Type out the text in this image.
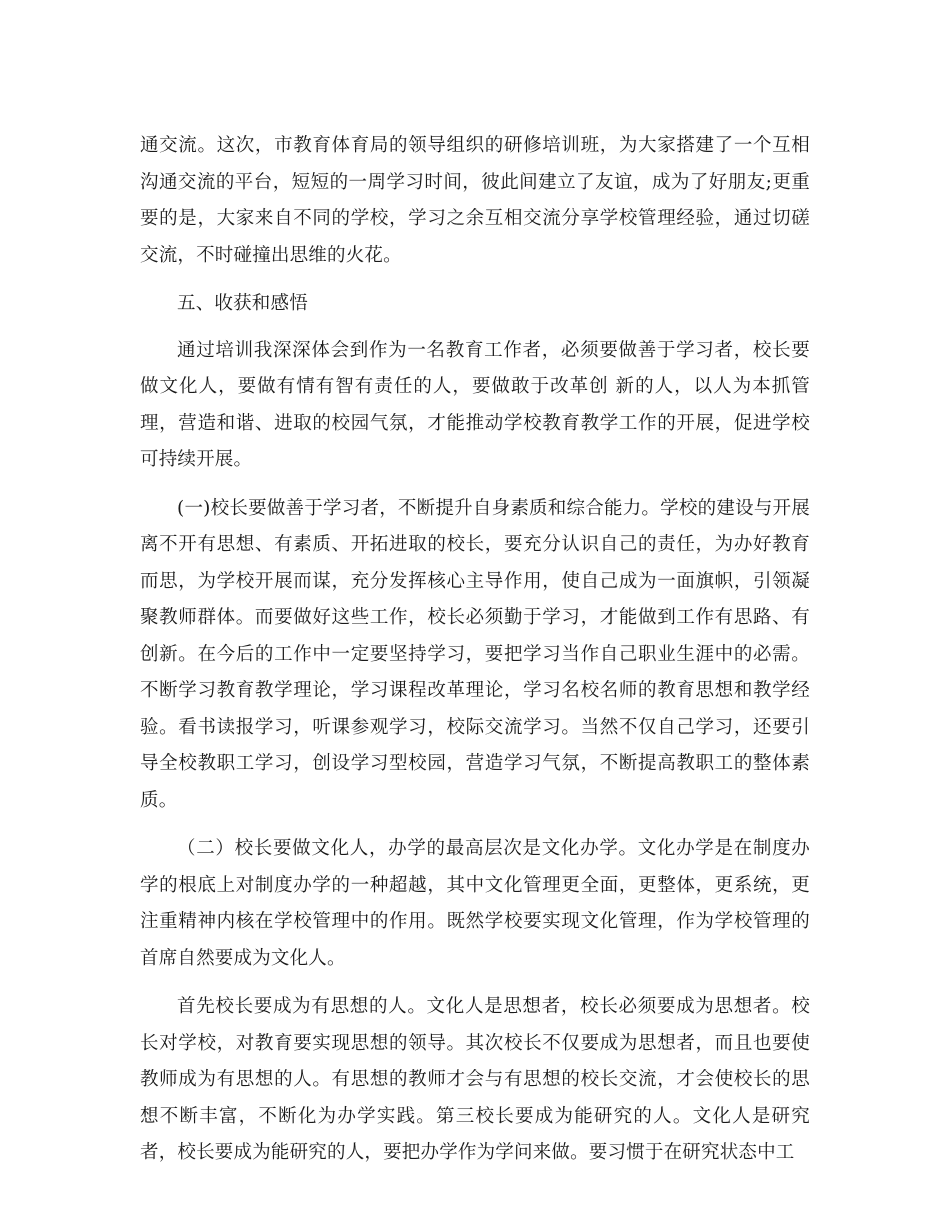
通交流。这次，市教育体育局的领导组织的研修培训班，为大家搭建了一个互相沟通交流的平台，短短的一周学习时间，彼此间建立了友谊，成为了好朋友;更重要的是，大家来自不同的学校，学习之余互相交流分享学校管理经验，通过切磋交流，不时碰撞出思维的火花。

五、收获和感悟

通过培训我深深体会到作为一名教育工作者，必须要做善于学习者，校长要做文化人，要做有情有智有责任的人，要做敢于改革创 新的人，以人为本抓管理，营造和谐、进取的校园气氛，才能推动学校教育教学工作的开展，促进学校可持续开展。

(一)校长要做善于学习者，不断提升自身素质和综合能力。学校的建设与开展离不开有思想、有素质、开拓进取的校长，要充分认识自己的责任，为办好教育而思，为学校开展而谋，充分发挥核心主导作用，使自己成为一面旗帜，引领凝聚教师群体。而要做好这些工作，校长必须勤于学习，才能做到工作有思路、有创新。在今后的工作中一定要坚持学习，要把学习当作自己职业生涯中的必需。不断学习教育教学理论，学习课程改革理论，学习名校名师的教育思想和教学经验。看书读报学习，听课参观学习，校际交流学习。当然不仅自己学习，还要引导全校教职工学习，创设学习型校园，营造学习气氛，不断提高教职工的整体素质。

（二）校长要做文化人，办学的最高层次是文化办学。文化办学是在制度办学的根底上对制度办学的一种超越，其中文化管理更全面，更整体，更系统，更注重精神内核在学校管理中的作用。既然学校要实现文化管理，作为学校管理的首席自然要成为文化人。

首先校长要成为有思想的人。文化人是思想者，校长必须要成为思想者。校长对学校，对教育要实现思想的领导。其次校长不仅要成为思想者，而且也要使教师成为有思想的人。有思想的教师才会与有思想的校长交流，才会使校长的思想不断丰富，不断化为办学实践。第三校长要成为能研究的人。文化人是研究者，校长要成为能研究的人，要把办学作为学问来做。要习惯于在研究状态中工
